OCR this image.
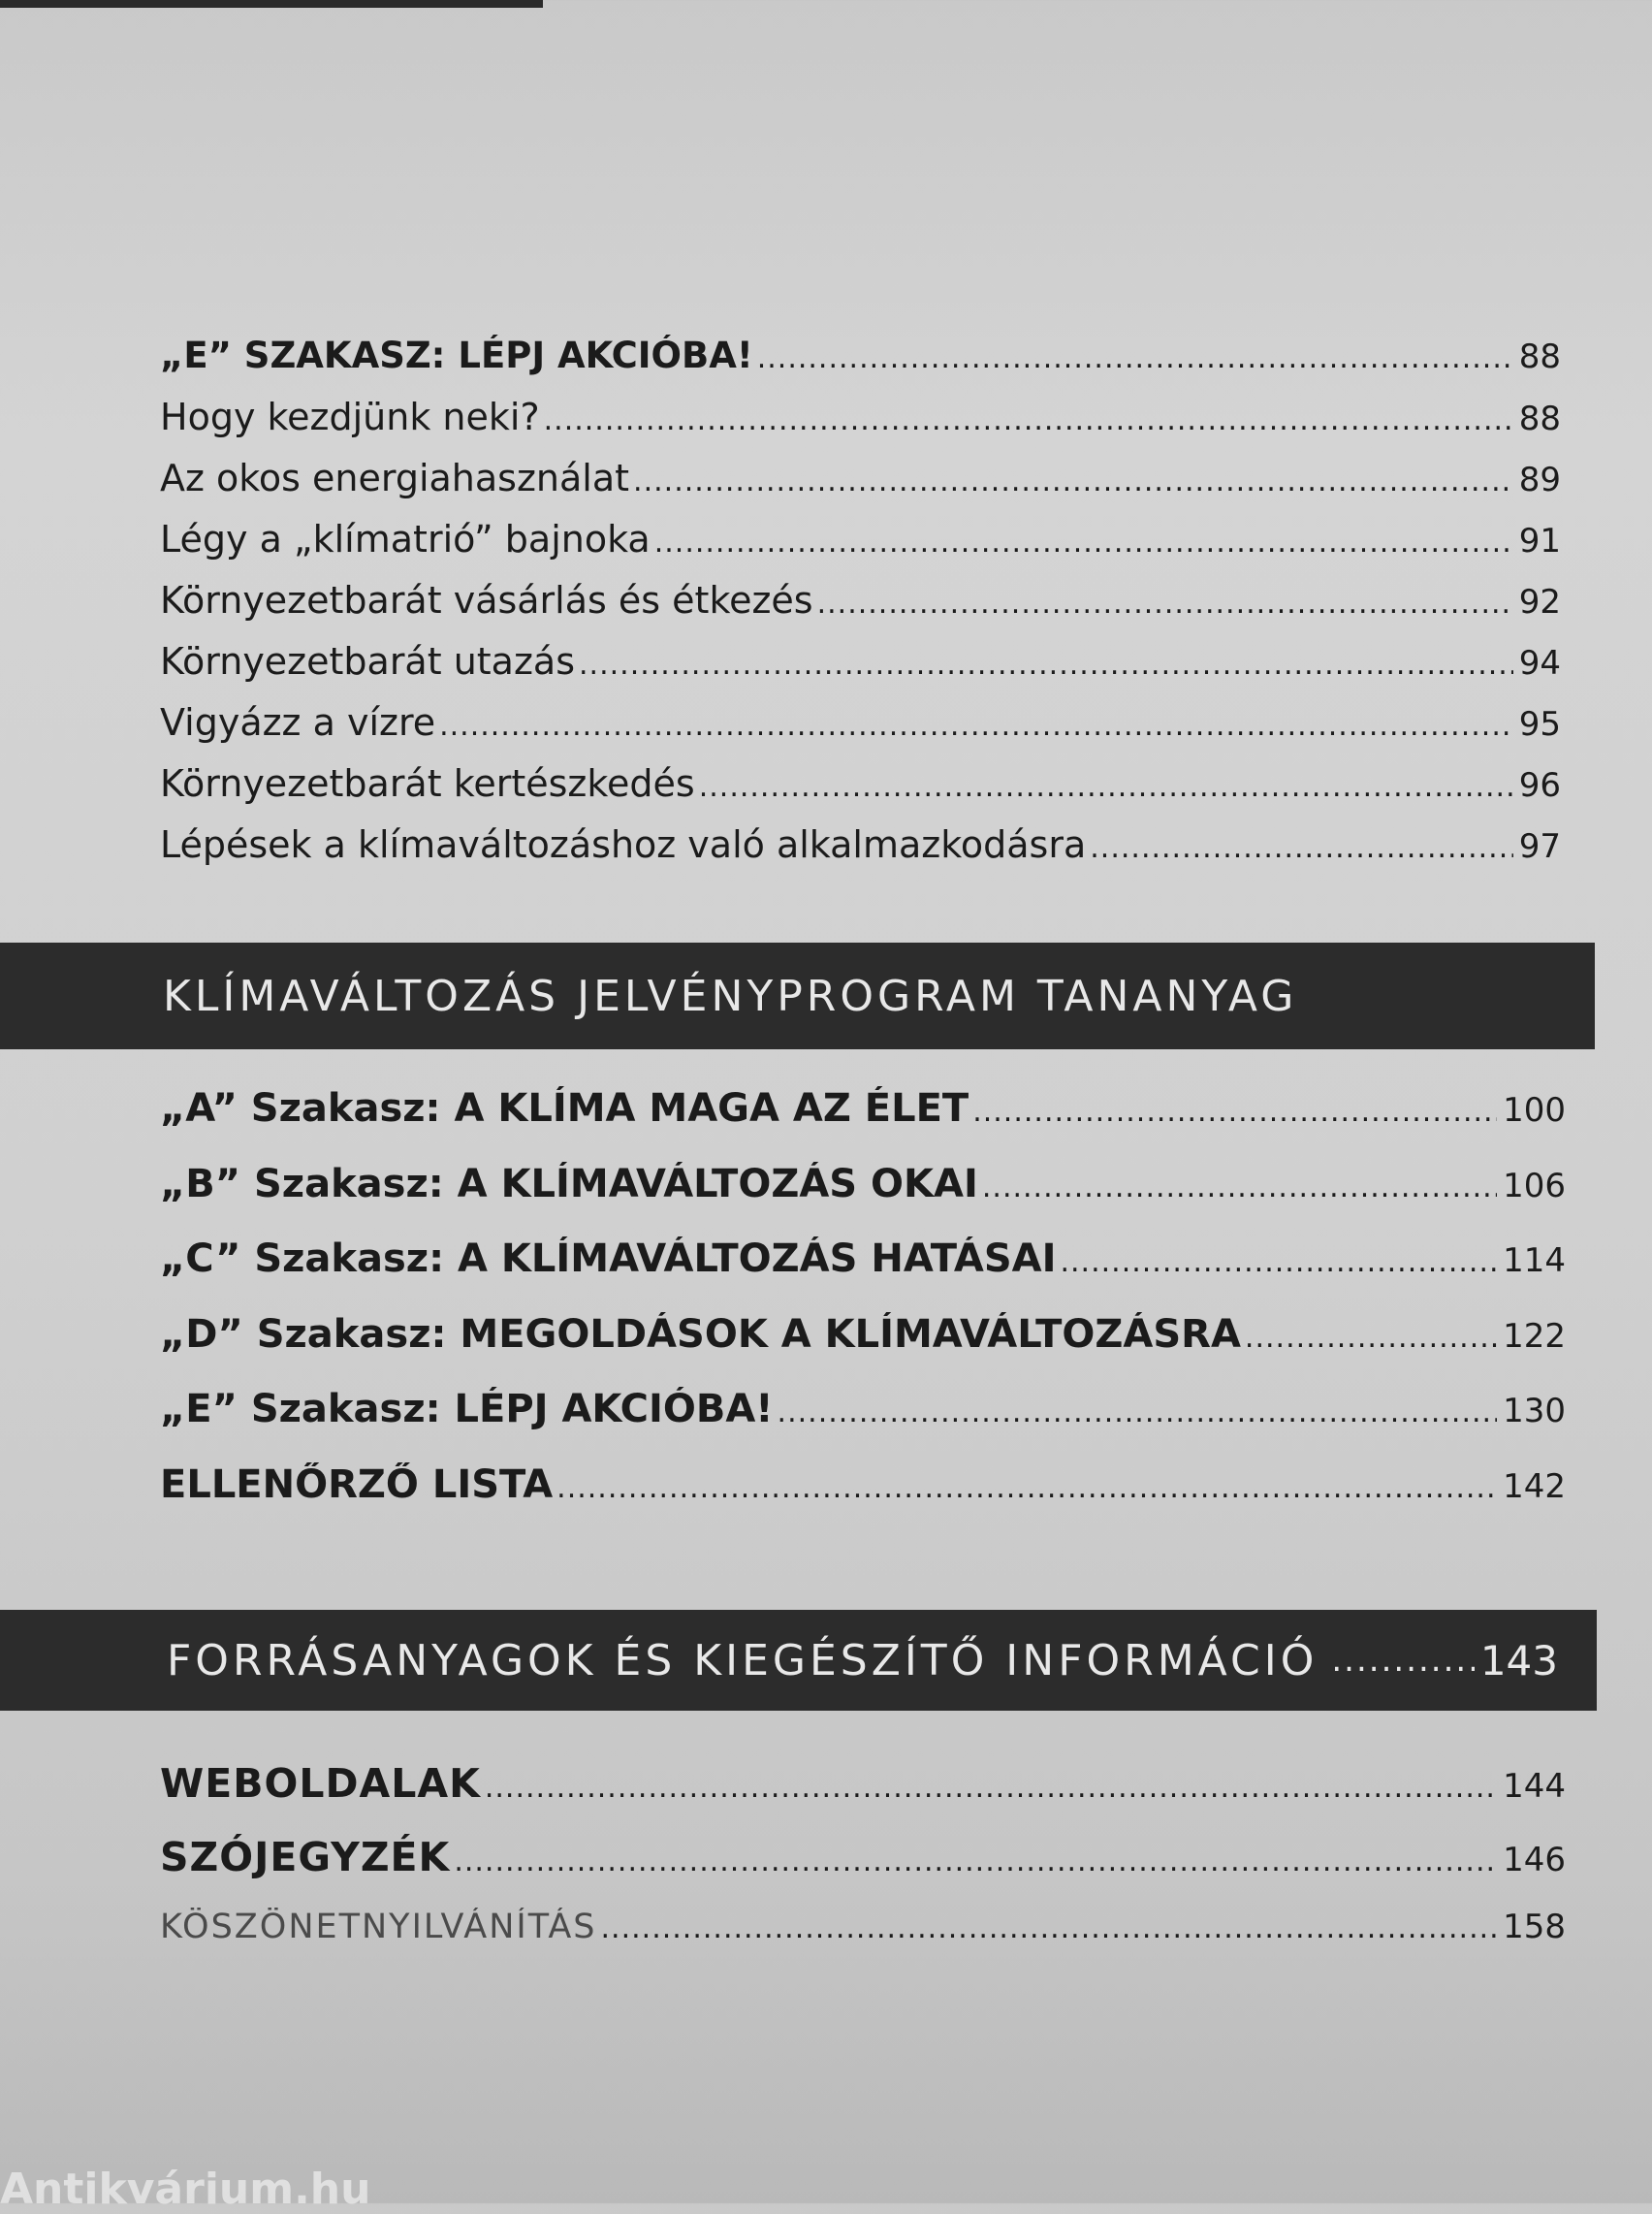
„E” SZAKASZ: LÉPJ AKCIÓBA! .....	88
Hogy kezdjünk neki? .....	88
Az okos energiahasználat .....	89
Légy a „klímatrió” bajnoka .....	91
Környezetbarát vásárlás és étkezés .....	92
Környezetbarát utazás .....	94
Vigyázz a vízre .....	95
Környezetbarát kertészkedés .....	96
Lépések a klímaváltozáshoz való alkalmazkodásra .....	97
KLÍMAVÁLTOZÁS JELVÉNYPROGRAM TANANYAG
„A” Szakasz: A KLÍMA MAGA AZ ÉLET .....	100
„B” Szakasz: A KLÍMAVÁLTOZÁS OKAI .....	106
„C” Szakasz: A KLÍMAVÁLTOZÁS HATÁSAI .....	114
„D” Szakasz: MEGOLDÁSOK A KLÍMAVÁLTOZÁSRA .....	122
„E” Szakasz: LÉPJ AKCIÓBA! .....	130
ELLENŐRZŐ LISTA .....	142
FORRÁSANYAGOK ÉS KIEGÉSZÍTŐ INFORMÁCIÓ .....	143
WEBOLDALAK .....	144
SZÓJEGYZÉK .....	146
KÖSZÖNETNYILVÁNÍTÁS .....	158
Antikvárium.hu
